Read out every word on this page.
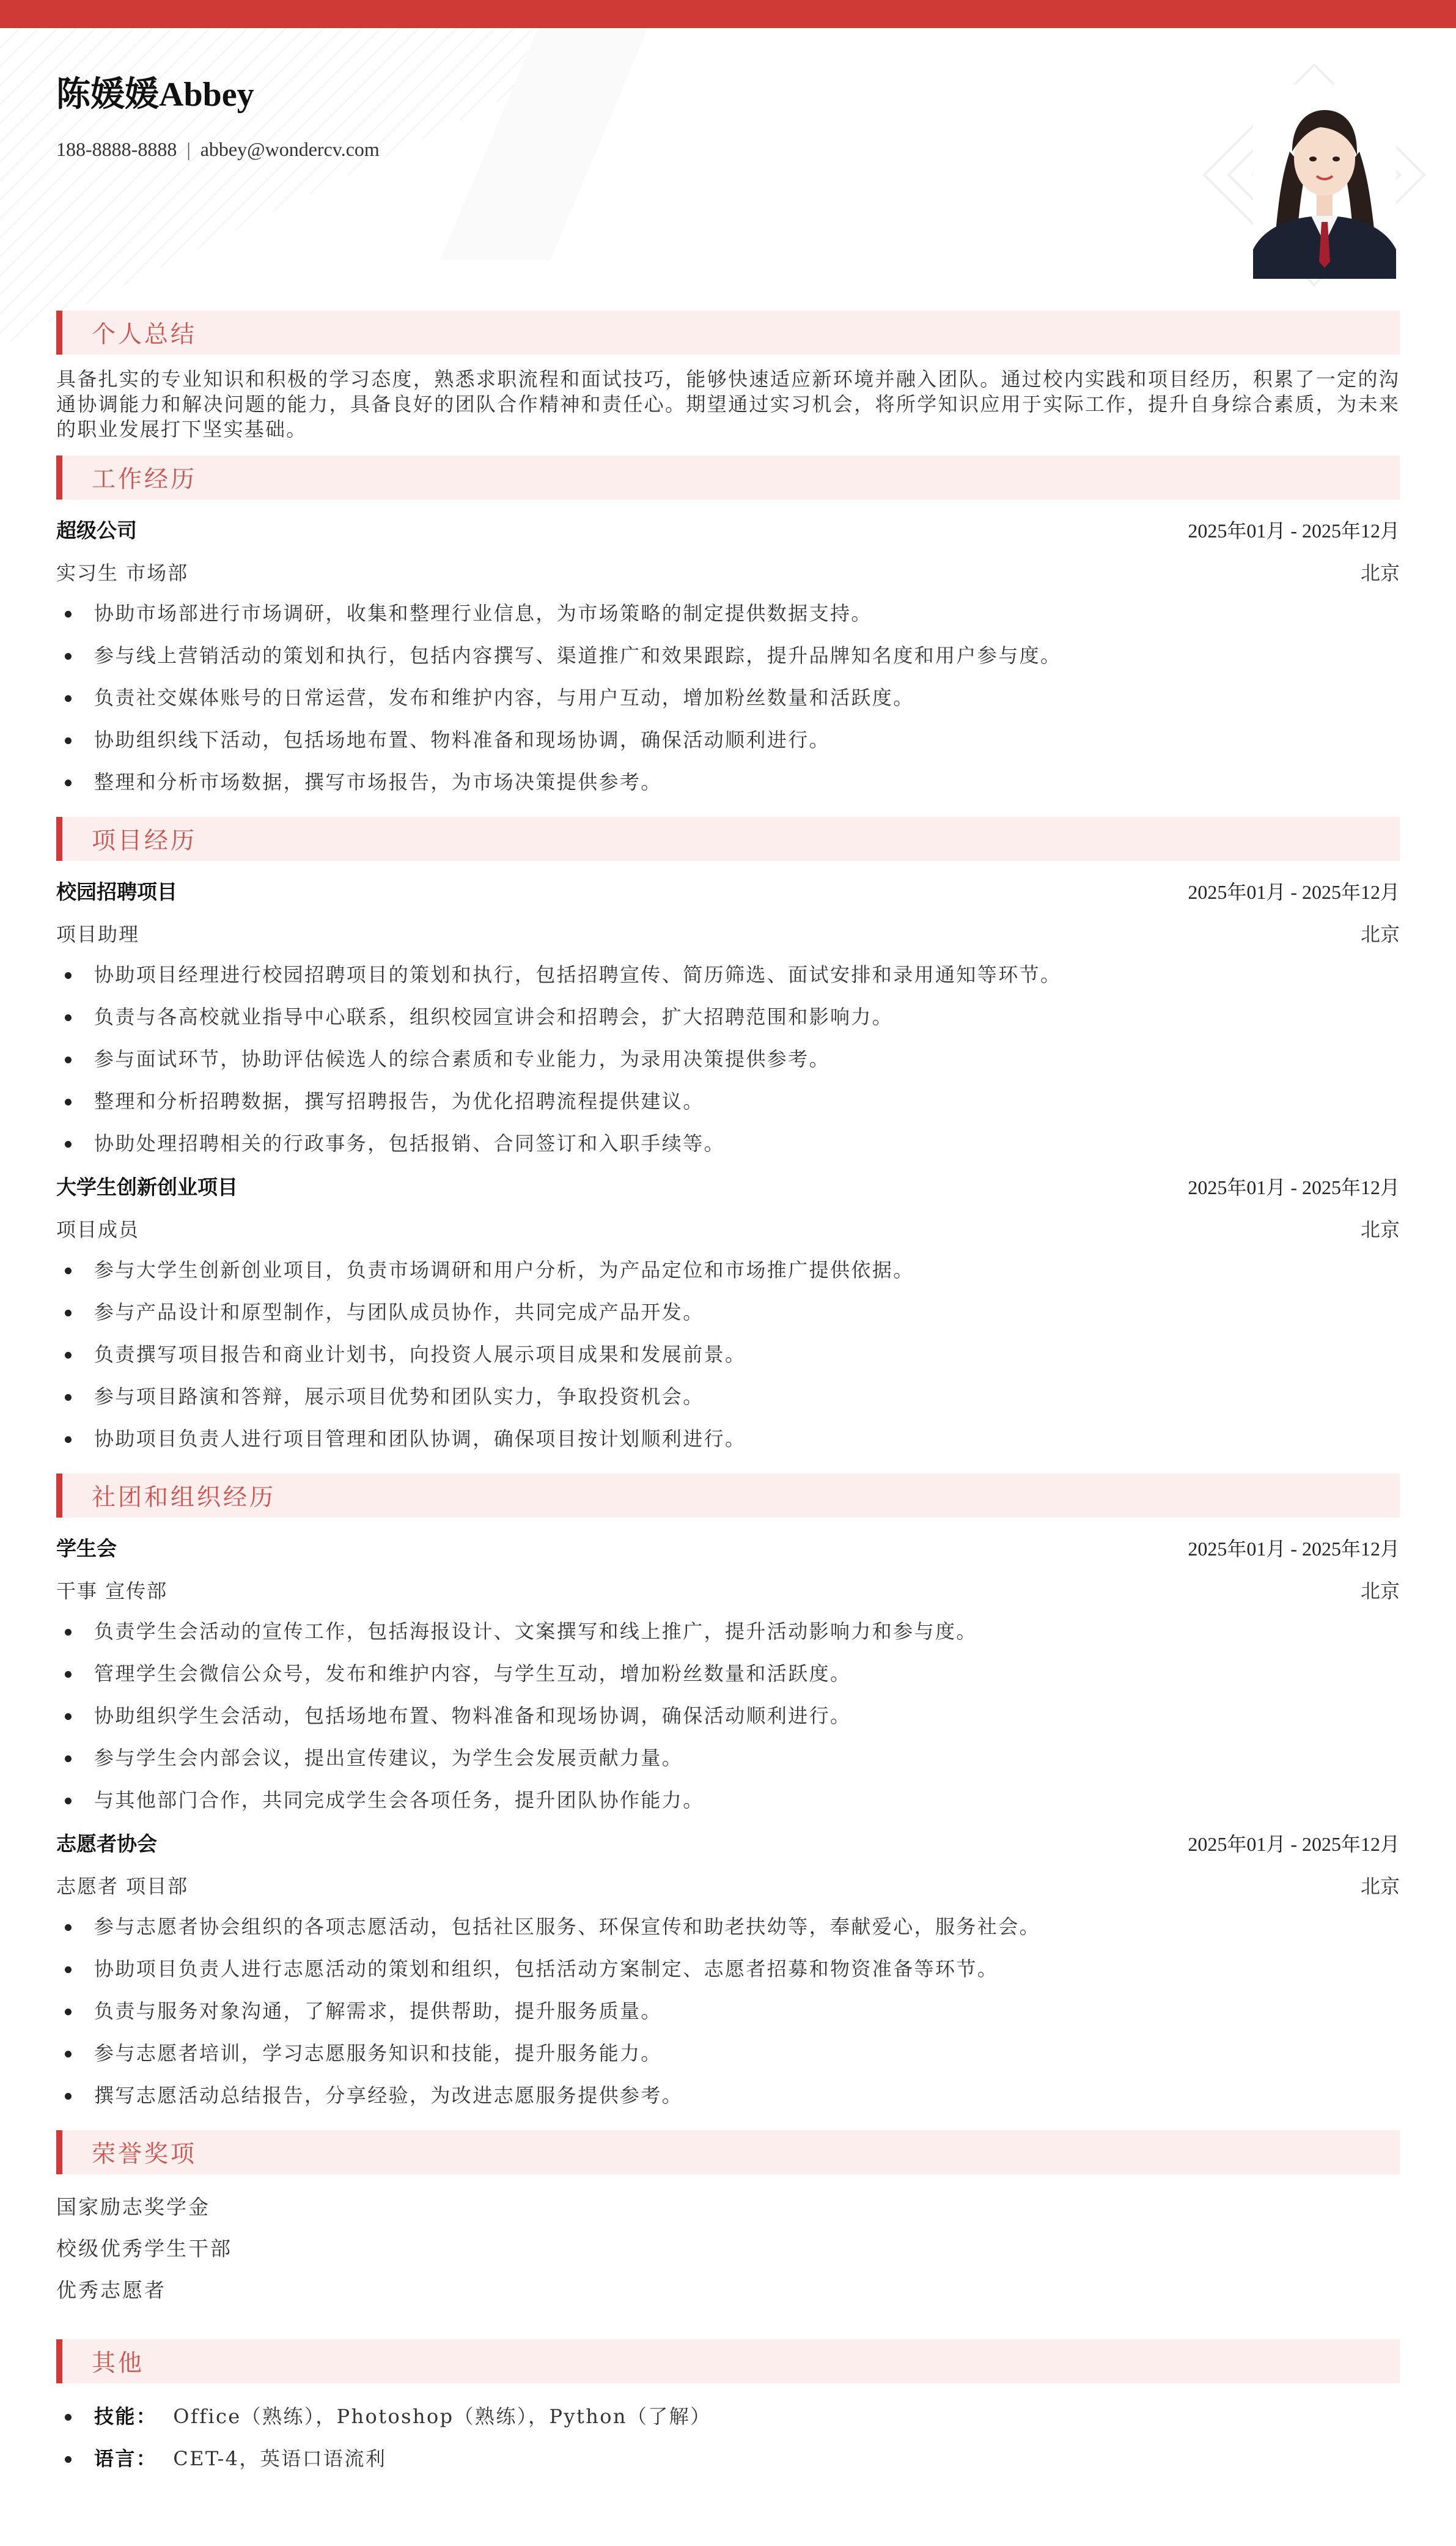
陈媛媛Abbey
188-8888-8888 | abbey@wondercv.com
个人总结
具备扎实的专业知识和积极的学习态度，熟悉求职流程和面试技巧，能够快速适应新环境并融入团队。通过校内实践和项目经历，积累了一定的沟通协调能力和解决问题的能力，具备良好的团队合作精神和责任心。期望通过实习机会，将所学知识应用于实际工作，提升自身综合素质，为未来的职业发展打下坚实基础。
工作经历
超级公司	2025年01月 - 2025年12月
实习生 市场部	北京
协助市场部进行市场调研，收集和整理行业信息，为市场策略的制定提供数据支持。
参与线上营销活动的策划和执行，包括内容撰写、渠道推广和效果跟踪，提升品牌知名度和用户参与度。
负责社交媒体账号的日常运营，发布和维护内容，与用户互动，增加粉丝数量和活跃度。
协助组织线下活动，包括场地布置、物料准备和现场协调，确保活动顺利进行。
整理和分析市场数据，撰写市场报告，为市场决策提供参考。
项目经历
校园招聘项目	2025年01月 - 2025年12月
项目助理	北京
协助项目经理进行校园招聘项目的策划和执行，包括招聘宣传、简历筛选、面试安排和录用通知等环节。
负责与各高校就业指导中心联系，组织校园宣讲会和招聘会，扩大招聘范围和影响力。
参与面试环节，协助评估候选人的综合素质和专业能力，为录用决策提供参考。
整理和分析招聘数据，撰写招聘报告，为优化招聘流程提供建议。
协助处理招聘相关的行政事务，包括报销、合同签订和入职手续等。
大学生创新创业项目	2025年01月 - 2025年12月
项目成员	北京
参与大学生创新创业项目，负责市场调研和用户分析，为产品定位和市场推广提供依据。
参与产品设计和原型制作，与团队成员协作，共同完成产品开发。
负责撰写项目报告和商业计划书，向投资人展示项目成果和发展前景。
参与项目路演和答辩，展示项目优势和团队实力，争取投资机会。
协助项目负责人进行项目管理和团队协调，确保项目按计划顺利进行。
社团和组织经历
学生会	2025年01月 - 2025年12月
干事 宣传部	北京
负责学生会活动的宣传工作，包括海报设计、文案撰写和线上推广，提升活动影响力和参与度。
管理学生会微信公众号，发布和维护内容，与学生互动，增加粉丝数量和活跃度。
协助组织学生会活动，包括场地布置、物料准备和现场协调，确保活动顺利进行。
参与学生会内部会议，提出宣传建议，为学生会发展贡献力量。
与其他部门合作，共同完成学生会各项任务，提升团队协作能力。
志愿者协会	2025年01月 - 2025年12月
志愿者 项目部	北京
参与志愿者协会组织的各项志愿活动，包括社区服务、环保宣传和助老扶幼等，奉献爱心，服务社会。
协助项目负责人进行志愿活动的策划和组织，包括活动方案制定、志愿者招募和物资准备等环节。
负责与服务对象沟通，了解需求，提供帮助，提升服务质量。
参与志愿者培训，学习志愿服务知识和技能，提升服务能力。
撰写志愿活动总结报告，分享经验，为改进志愿服务提供参考。
荣誉奖项
国家励志奖学金
校级优秀学生干部
优秀志愿者
其他
技能： Office（熟练），Photoshop（熟练），Python（了解）
语言： CET-4，英语口语流利
